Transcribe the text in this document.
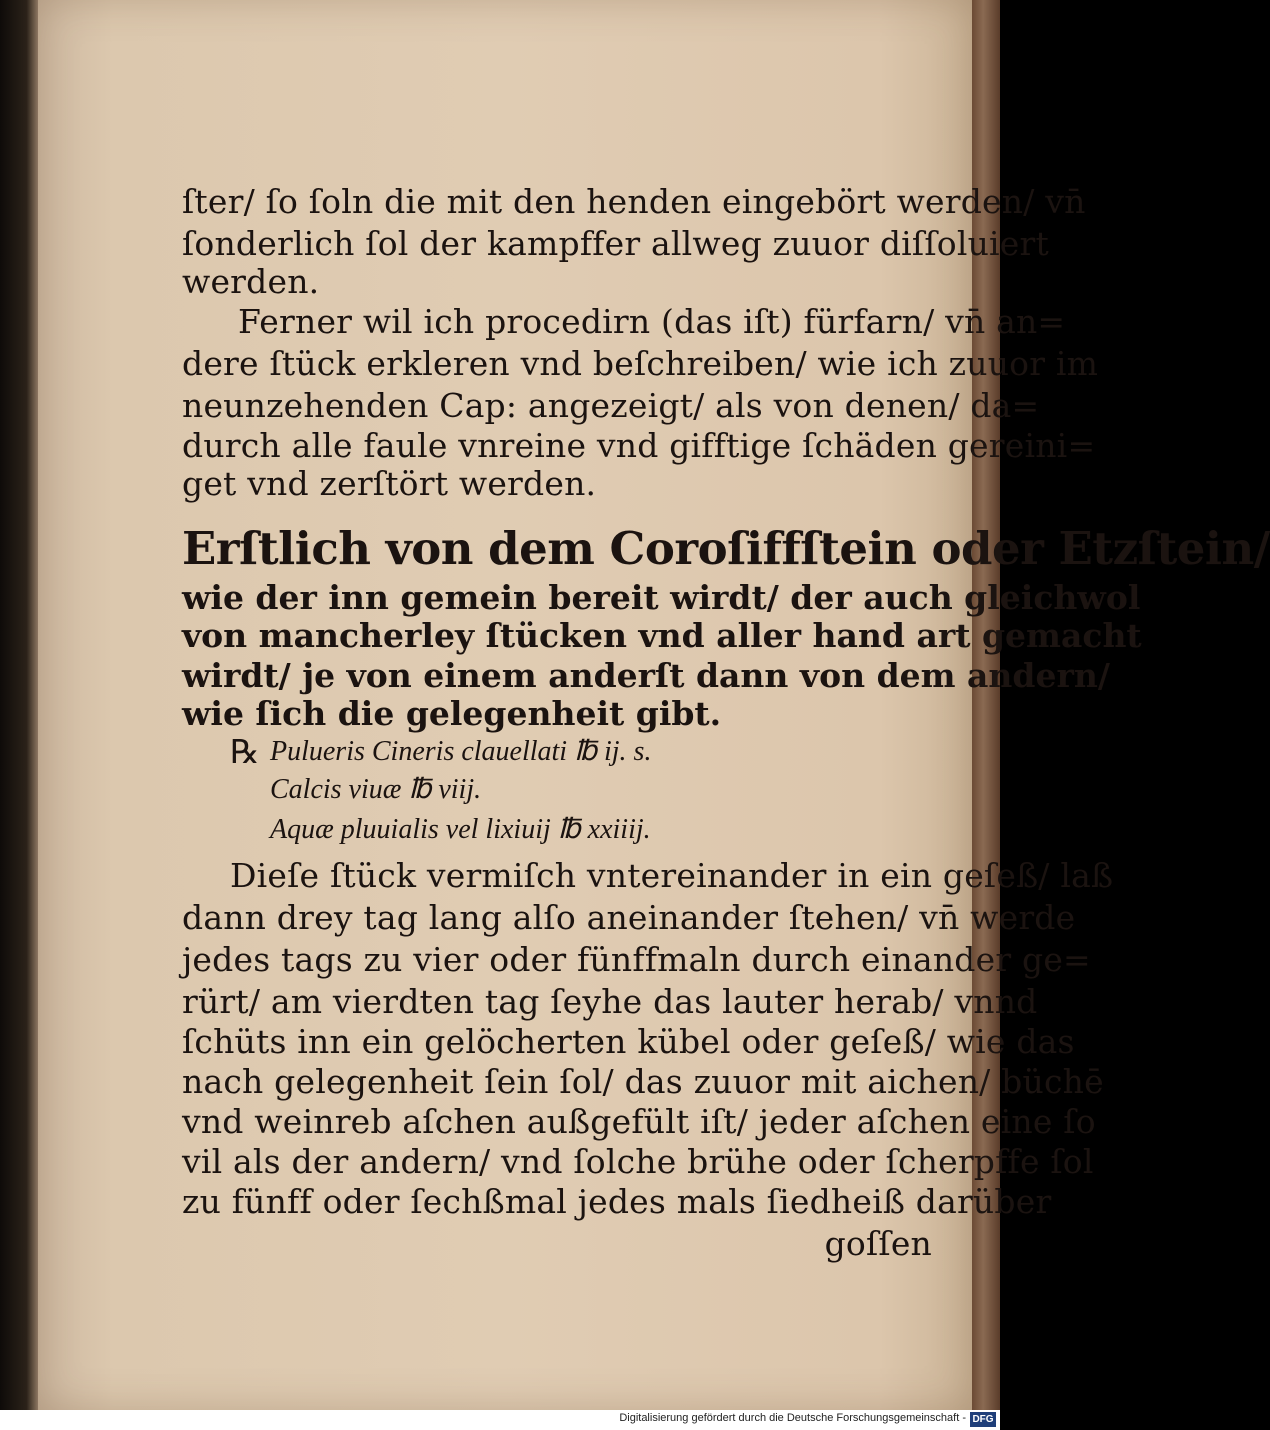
ſter/ ſo ſoln die mit den henden eingebört werden/ vn̄
ſonderlich ſol der kampffer allweg zuuor diſſoluiert
werden.
Ferner wil ich procedirn (das iſt) fürfarn/ vn̄ an=
dere ſtück erkleren vnd beſchreiben/ wie ich zuuor im
neunzehenden Cap: angezeigt/ als von denen/ da=
durch alle faule vnreine vnd gifftige ſchäden gereini=
get vnd zerſtört werden.
Erſtlich von dem Coroſiffſtein oder Etzſtein/
wie der inn gemein bereit wirdt/ der auch gleichwol
von mancherley ſtücken vnd aller hand art gemacht
wirdt/ je von einem anderſt dann von dem andern/
wie ſich die gelegenheit gibt.
℞ Pulueris Cineris clauellati ℔ ij. s.
Calcis viuæ ℔ viij.
Aquæ pluuialis vel lixiuij ℔ xxiiij.
Dieſe ſtück vermiſch vntereinander in ein geſeß/ laß
dann drey tag lang alſo aneinander ſtehen/ vn̄ werde
jedes tags zu vier oder fünffmaln durch einander ge=
rürt/ am vierdten tag ſeyhe das lauter herab/ vnnd
ſchüts inn ein gelöcherten kübel oder geſeß/ wie das
nach gelegenheit ſein ſol/ das zuuor mit aichen/ büchē
vnd weinreb aſchen außgefült iſt/ jeder aſchen eine ſo
vil als der andern/ vnd ſolche brühe oder ſcherpffe ſol
zu fünff oder ſechßmal jedes mals ſiedheiß darüber
goſſen
Digitalisierung gefördert durch die Deutsche Forschungsgemeinschaft - DFG
